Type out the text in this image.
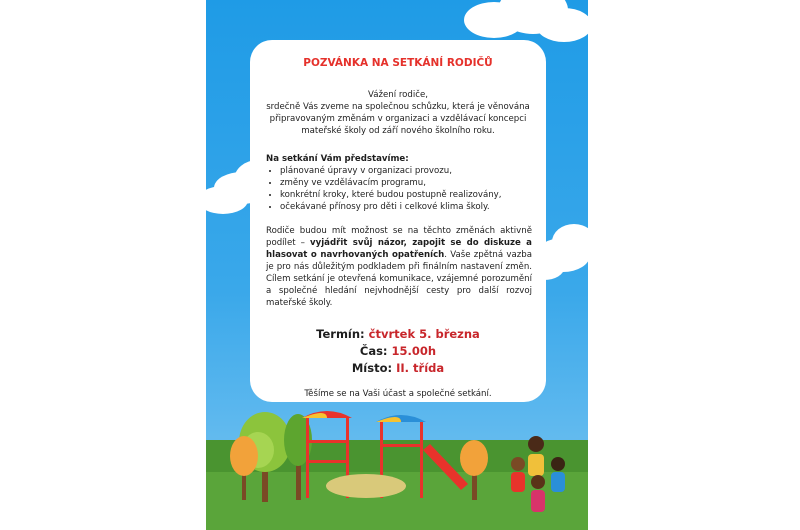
POZVÁNKA NA SETKÁNÍ RODIČŮ
Vážení rodiče,
srdečně Vás zveme na společnou schůzku, která je věnována připravovaným změnám v organizaci a vzdělávací koncepci mateřské školy od září nového školního roku.
Na setkání Vám představíme:
• plánované úpravy v organizaci provozu,
• změny ve vzdělávacím programu,
• konkrétní kroky, které budou postupně realizovány,
• očekávané přínosy pro děti i celkové klima školy.
Rodiče budou mít možnost se na těchto změnách aktivně podílet – vyjádřit svůj názor, zapojit se do diskuze a hlasovat o navrhovaných opatřeních. Vaše zpětná vazba je pro nás důležitým podkladem při finálním nastavení změn. Cílem setkání je otevřená komunikace, vzájemné porozumění a společné hledání nejvhodnější cesty pro další rozvoj mateřské školy.
Termín: čtvrtek 5. března
Čas: 15.00h
Místo: II. třída
Těšíme se na Vaši účast a společné setkání.
